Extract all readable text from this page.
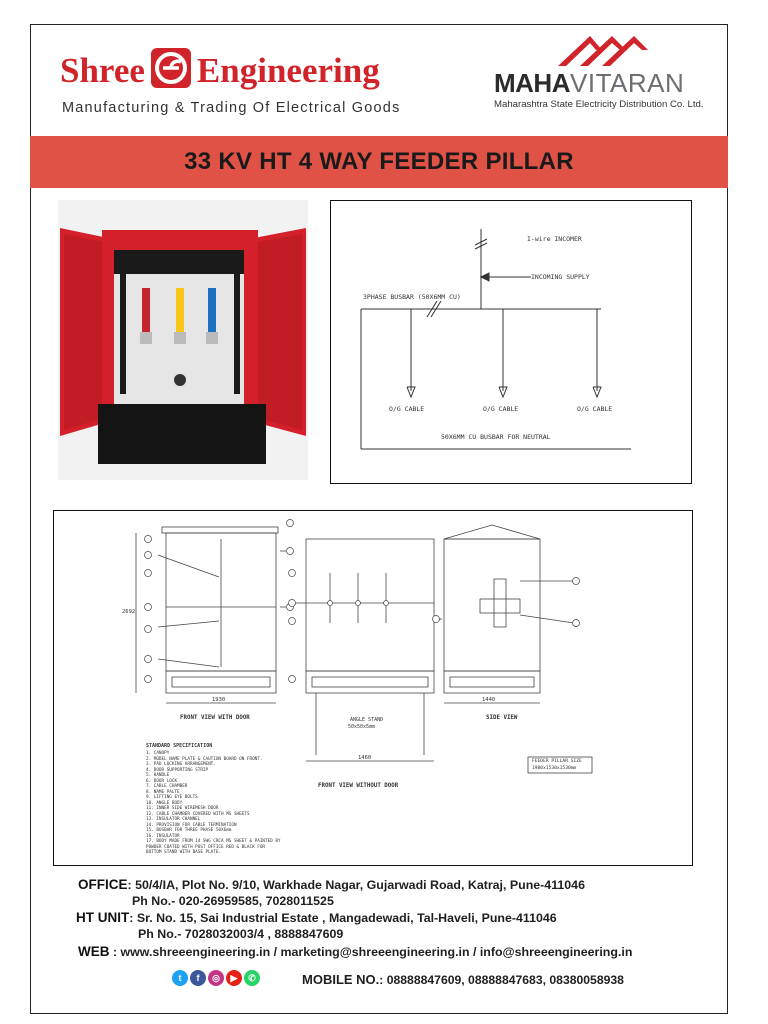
Shree Engineering
Manufacturing & Trading Of Electrical Goods
MAHAVITARAN
Maharashtra State Electricity Distribution Co. Ltd.
33 KV HT 4 WAY FEEDER PILLAR
I-wire INCOMER
INCOMING SUPPLY
3PHASE BUSBAR (50X6MM CU)
O/G CABLE	O/G CABLE	O/G CABLE
50X6MM CU BUSBAR FOR NEUTRAL
FRONT VIEW WITH DOOR
FRONT VIEW WITHOUT DOOR
SIDE VIEW
ANGLE STAND
50x50x5mm
2692
1930	1440
1460
FEEDER PILLAR SIZE
1980x1530x1530mm
STANDARD SPECIFICATION
1. CANOPY
2. MODEL NAME PLATE & CAUTION BOARD ON FRONT.
3. PAD LOCKING ARRANGEMENT.
4. DOOR SUPPORTING STRIP
5. HANDLE
6. DOOR LOCK
7. CABLE CHAMBER
8. NAME PALTE
9. LIFTING EYE BOLTS
10. ANGLE BODY
11. INNER SIDE WIREMESH DOOR
12. CABLE CHAMBER COVERED WITH MS SHEETS
13. INSULATOR CHANNEL
14. PROVISION FOR CABLE TERMINATION
15. BUSBAR FOR THREE PHASE 50X6mm
16. INSULATOR
17. BODY MADE FROM 14 SWG CRCA MS SHEET & PAINTED BY
POWDER COATED WITH POST OFFICE RED & BLACK FOR
BOTTOM STAND WITH BASE PLATE.
OFFICE: 50/4/IA, Plot No. 9/10, Warkhade Nagar, Gujarwadi Road, Katraj, Pune-411046
Ph No.- 020-26959585, 7028011525
HT UNIT: Sr. No. 15, Sai Industrial Estate , Mangadewadi, Tal-Haveli, Pune-411046
Ph No.- 7028032003/4 , 8888847609
WEB : www.shreeengineering.in / marketing@shreeengineering.in / info@shreeengineering.in
t	f	◎	▶	✆	MOBILE NO.: 08888847609, 08888847683, 08380058938
